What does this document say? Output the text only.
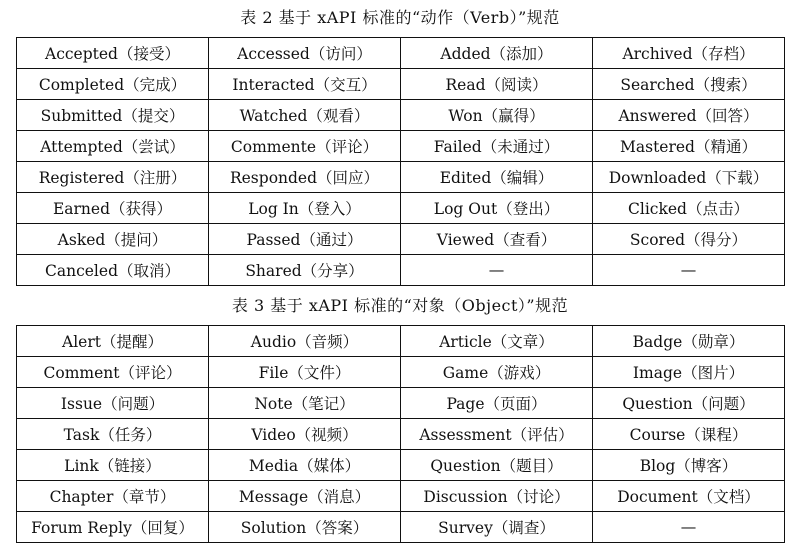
表 2 基于 xAPI 标准的“动作（Verb）”规范
Accepted（接受）	Accessed（访问）	Added（添加）	Archived（存档）
Completed（完成）	Interacted（交互）	Read（阅读）	Searched（搜索）
Submitted（提交）	Watched（观看）	Won（赢得）	Answered（回答）
Attempted（尝试）	Commente（评论）	Failed（未通过）	Mastered（精通）
Registered（注册）	Responded（回应）	Edited（编辑）	Downloaded（下载）
Earned（获得）	Log In（登入）	Log Out（登出）	Clicked（点击）
Asked（提问）	Passed（通过）	Viewed（查看）	Scored（得分）
Canceled（取消）	Shared（分享）	—	—
表 3 基于 xAPI 标准的“对象（Object）”规范
Alert（提醒）	Audio（音频）	Article（文章）	Badge（勋章）
Comment（评论）	File（文件）	Game（游戏）	Image（图片）
Issue（问题）	Note（笔记）	Page（页面）	Question（问题）
Task（任务）	Video（视频）	Assessment（评估）	Course（课程）
Link（链接）	Media（媒体）	Question（题目）	Blog（博客）
Chapter（章节）	Message（消息）	Discussion（讨论）	Document（文档）
Forum Reply（回复）	Solution（答案）	Survey（调查）	—
